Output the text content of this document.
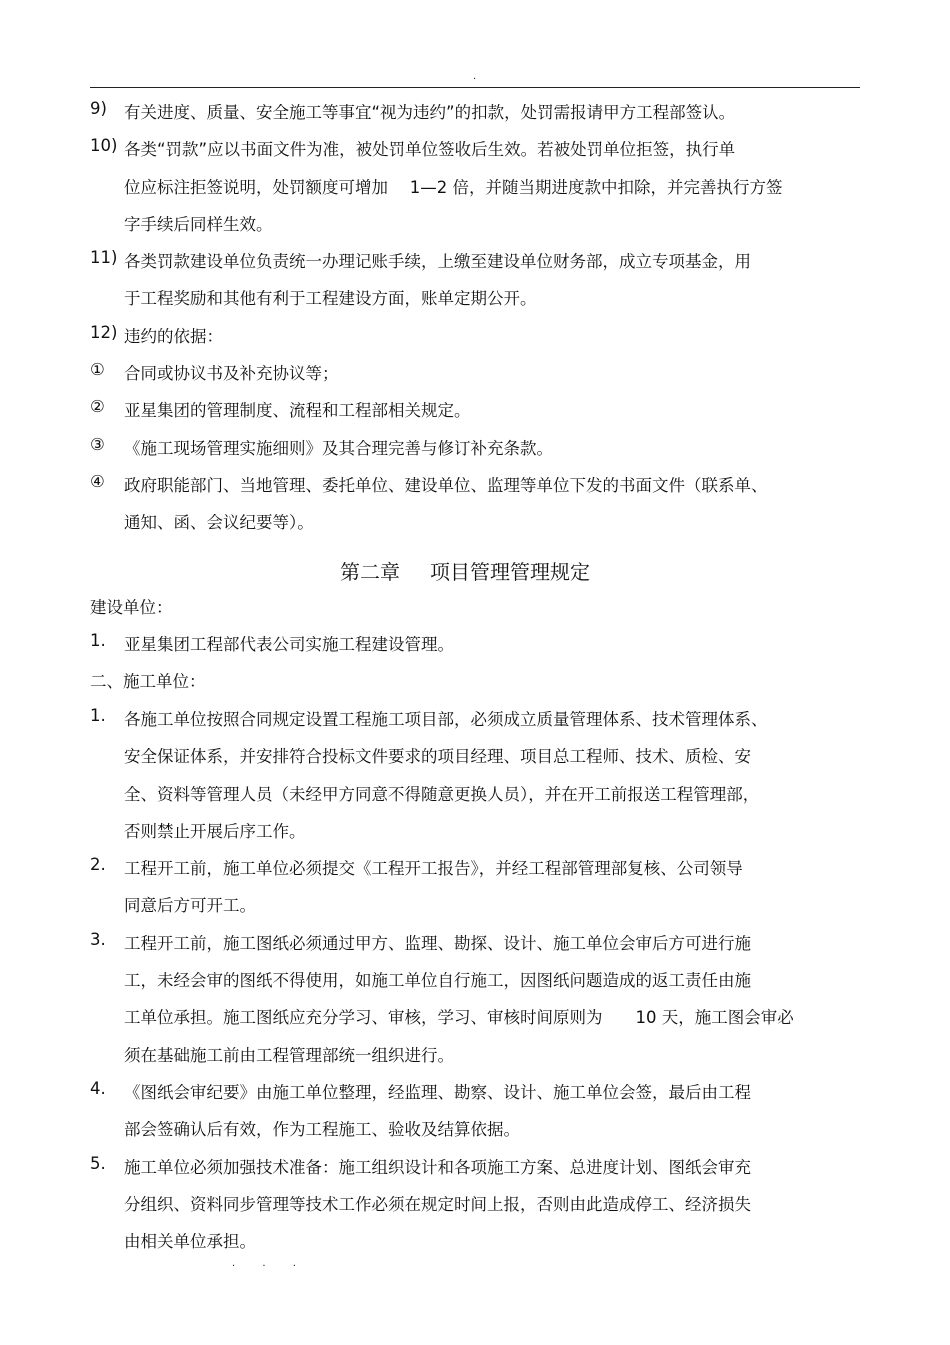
.
9) 有关进度、质量、安全施工等事宜“视为违约”的扣款，处罚需报请甲方工程部签认。
10) 各类“罚款”应以书面文件为准，被处罚单位签收后生效。若被处罚单位拒签，执行单
位应标注拒签说明，处罚额度可增加　 1—2 倍，并随当期进度款中扣除，并完善执行方签
字手续后同样生效。
11) 各类罚款建设单位负责统一办理记账手续，上缴至建设单位财务部，成立专项基金，用
于工程奖励和其他有利于工程建设方面，账单定期公开。
12) 违约的依据：
① 合同或协议书及补充协议等；
② 亚星集团的管理制度、流程和工程部相关规定。
③ 《施工现场管理实施细则》及其合理完善与修订补充条款。
④ 政府职能部门、当地管理、委托单位、建设单位、监理等单位下发的书面文件（联系单、
通知、函、会议纪要等）。
建设单位：
1. 亚星集团工程部代表公司实施工程建设管理。
二、施工单位：
1. 各施工单位按照合同规定设置工程施工项目部，必须成立质量管理体系、技术管理体系、
安全保证体系，并安排符合投标文件要求的项目经理、项目总工程师、技术、质检、安
全、资料等管理人员（未经甲方同意不得随意更换人员），并在开工前报送工程管理部，
否则禁止开展后序工作。
2. 工程开工前，施工单位必须提交《工程开工报告》，并经工程部管理部复核、公司领导
同意后方可开工。
3. 工程开工前，施工图纸必须通过甲方、监理、勘探、设计、施工单位会审后方可进行施
工，未经会审的图纸不得使用，如施工单位自行施工，因图纸问题造成的返工责任由施
工单位承担。施工图纸应充分学习、审核，学习、审核时间原则为　　10 天，施工图会审必
须在基础施工前由工程管理部统一组织进行。
4. 《图纸会审纪要》由施工单位整理，经监理、勘察、设计、施工单位会签，最后由工程
部会签确认后有效，作为工程施工、验收及结算依据。
5. 施工单位必须加强技术准备：施工组织设计和各项施工方案、总进度计划、图纸会审充
分组织、资料同步管理等技术工作必须在规定时间上报，否则由此造成停工、经济损失
由相关单位承担。
第二章 项目管理管理规定
. . .
